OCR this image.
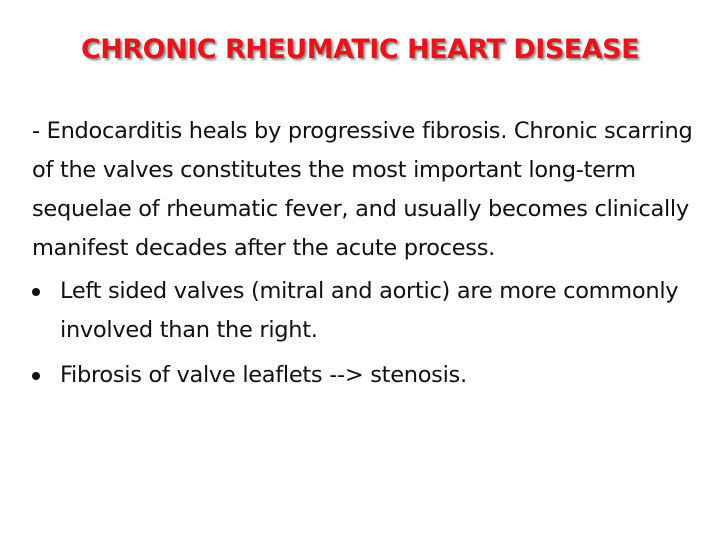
CHRONIC RHEUMATIC HEART DISEASE

- Endocarditis heals by progressive fibrosis. Chronic scarring of the valves constitutes the most important long-term sequelae of rheumatic fever, and usually becomes clinically manifest decades after the acute process.

Left sided valves (mitral and aortic) are more commonly involved than the right.
Fibrosis of valve leaflets --> stenosis.
